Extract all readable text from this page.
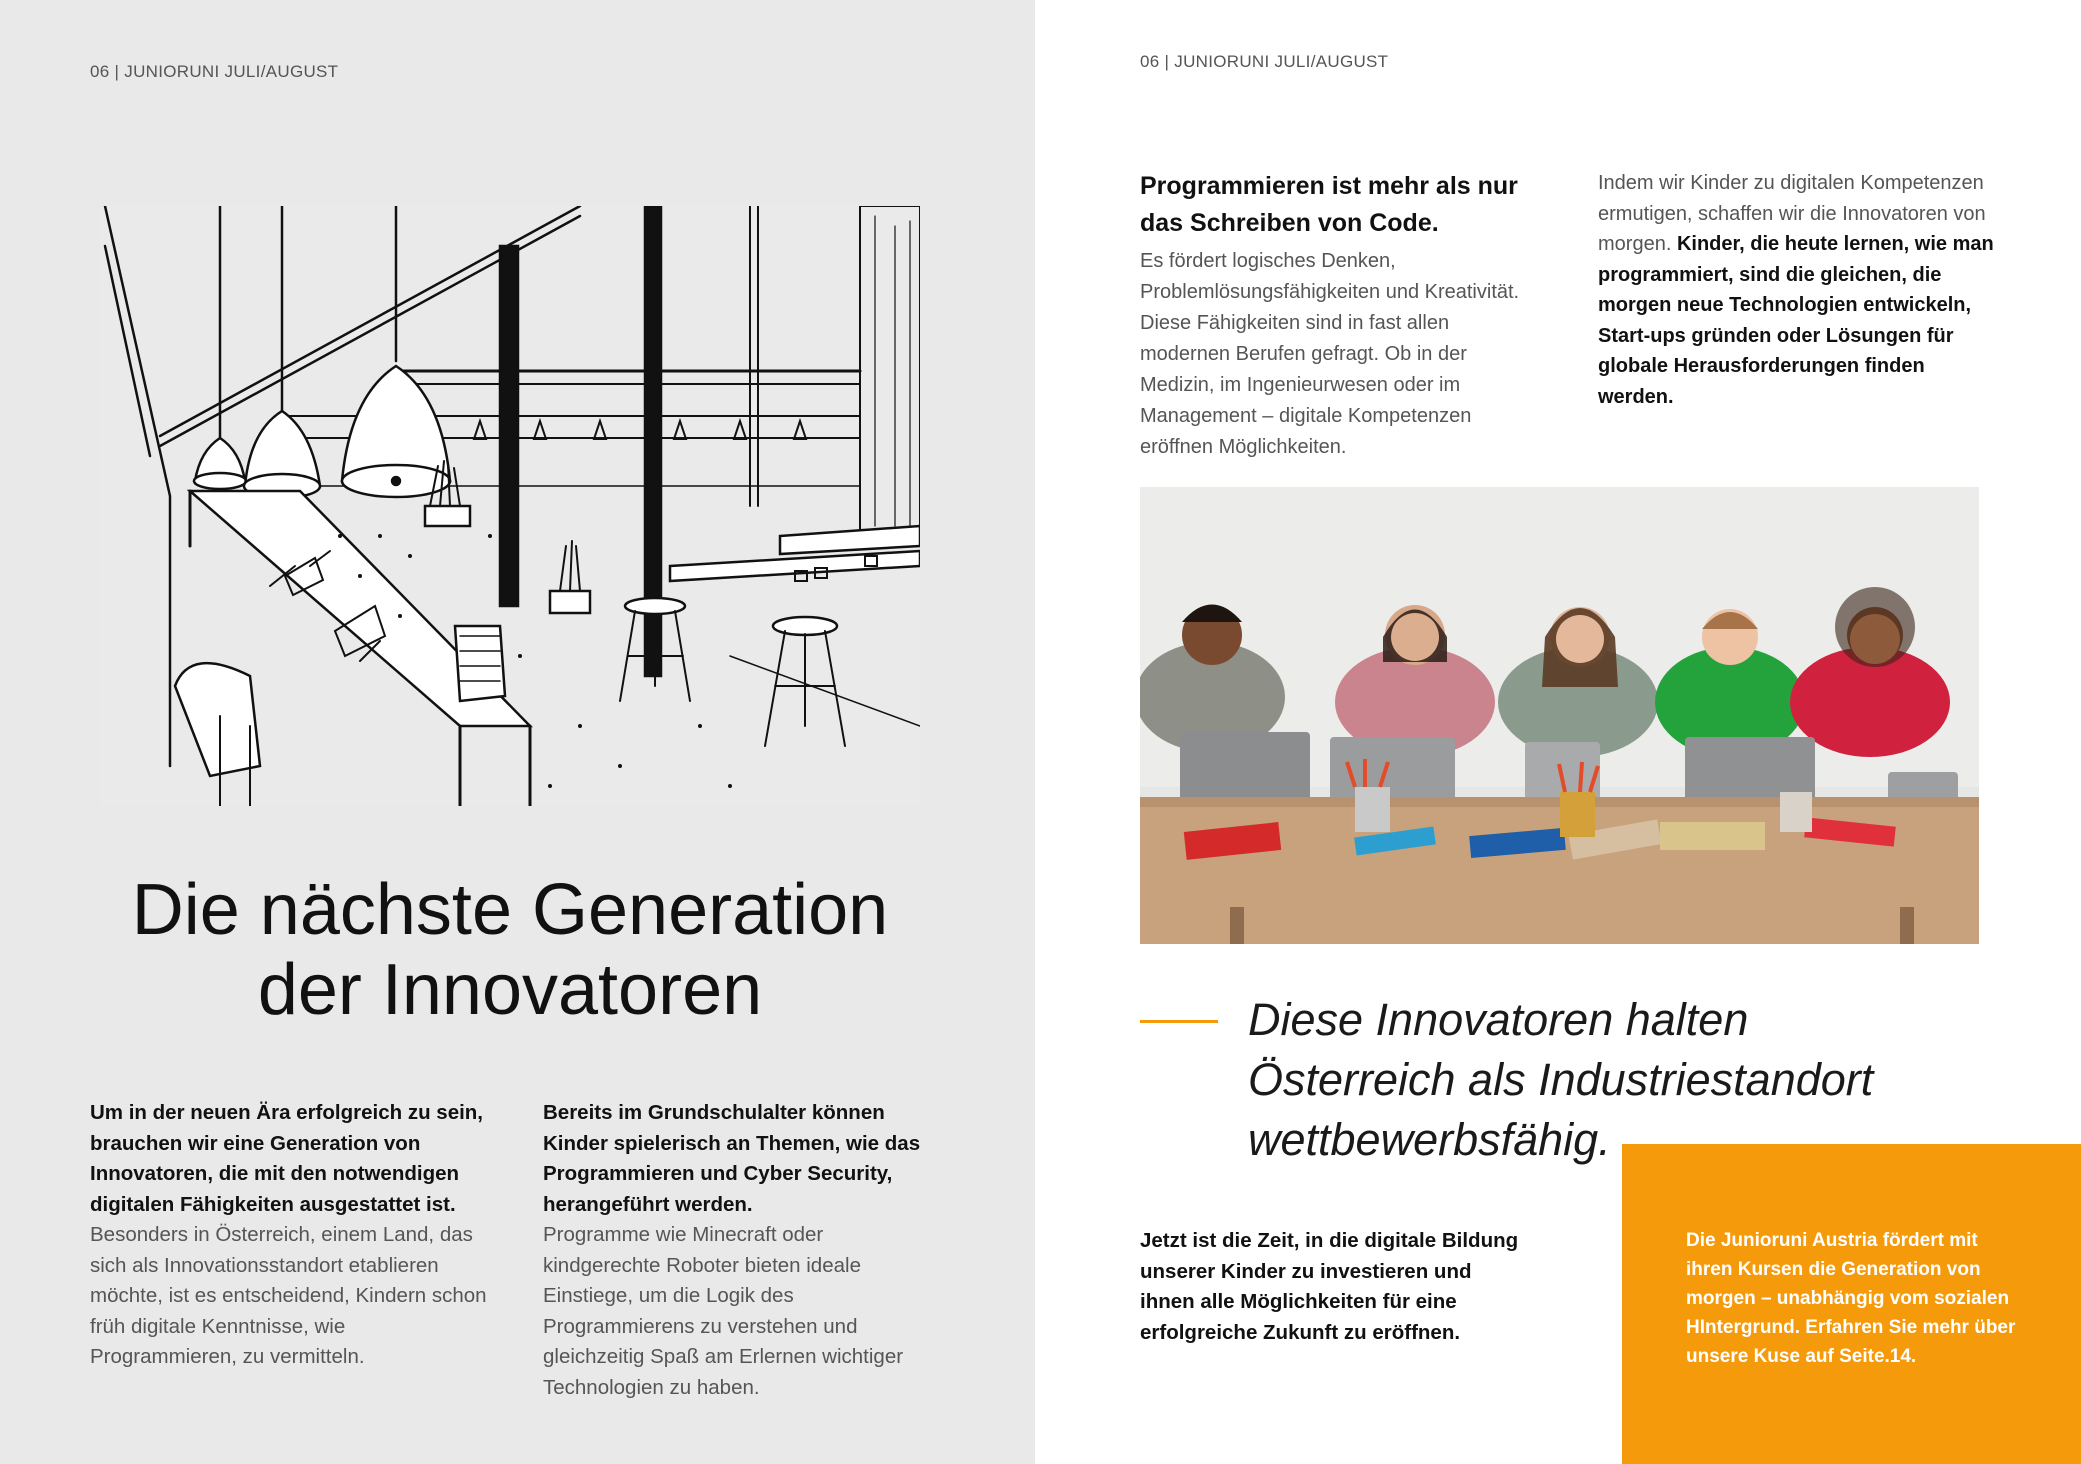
06 | JUNIORUNI JULI/AUGUST
Die nächste Generation
der Innovatoren
Um in der neuen Ära erfolgreich zu sein, brauchen wir eine Generation von Innovatoren, die mit den notwendigen digitalen Fähigkeiten ausgestattet ist.
Besonders in Österreich, einem Land, das sich als Innovationsstandort etablieren möchte, ist es entscheidend, Kindern schon früh digitale Kenntnisse, wie Programmieren, zu vermitteln.
Bereits im Grundschulalter können Kinder spielerisch an Themen, wie das Programmieren und Cyber Security, herangeführt werden.
Programme wie Minecraft oder kindgerechte Roboter bieten ideale Einstiege, um die Logik des Programmierens zu verstehen und gleichzeitig Spaß am Erlernen wichtiger Technologien zu haben.
06 | JUNIORUNI JULI/AUGUST
Programmieren ist mehr als nur das Schreiben von Code.
Es fördert logisches Denken, Problemlösungsfähigkeiten und Kreativität. Diese Fähigkeiten sind in fast allen modernen Berufen gefragt. Ob in der Medizin, im Ingenieurwesen oder im Management – digitale Kompetenzen eröffnen Möglichkeiten.
Indem wir Kinder zu digitalen Kompetenzen ermutigen, schaffen wir die Innovatoren von morgen. Kinder, die heute lernen, wie man programmiert, sind die gleichen, die morgen neue Technologien entwickeln, Start-ups gründen oder Lösungen für globale Herausforderungen finden werden.
Diese Innovatoren halten
Österreich als Industriestandort
wettbewerbsfähig.
Jetzt ist die Zeit, in die digitale Bildung unserer Kinder zu investieren und ihnen alle Möglichkeiten für eine erfolgreiche Zukunft zu eröffnen.
Die Junioruni Austria fördert mit ihren Kursen die Generation von morgen – unabhängig vom sozialen HIntergrund. Erfahren Sie mehr über unsere Kuse auf Seite.14.
